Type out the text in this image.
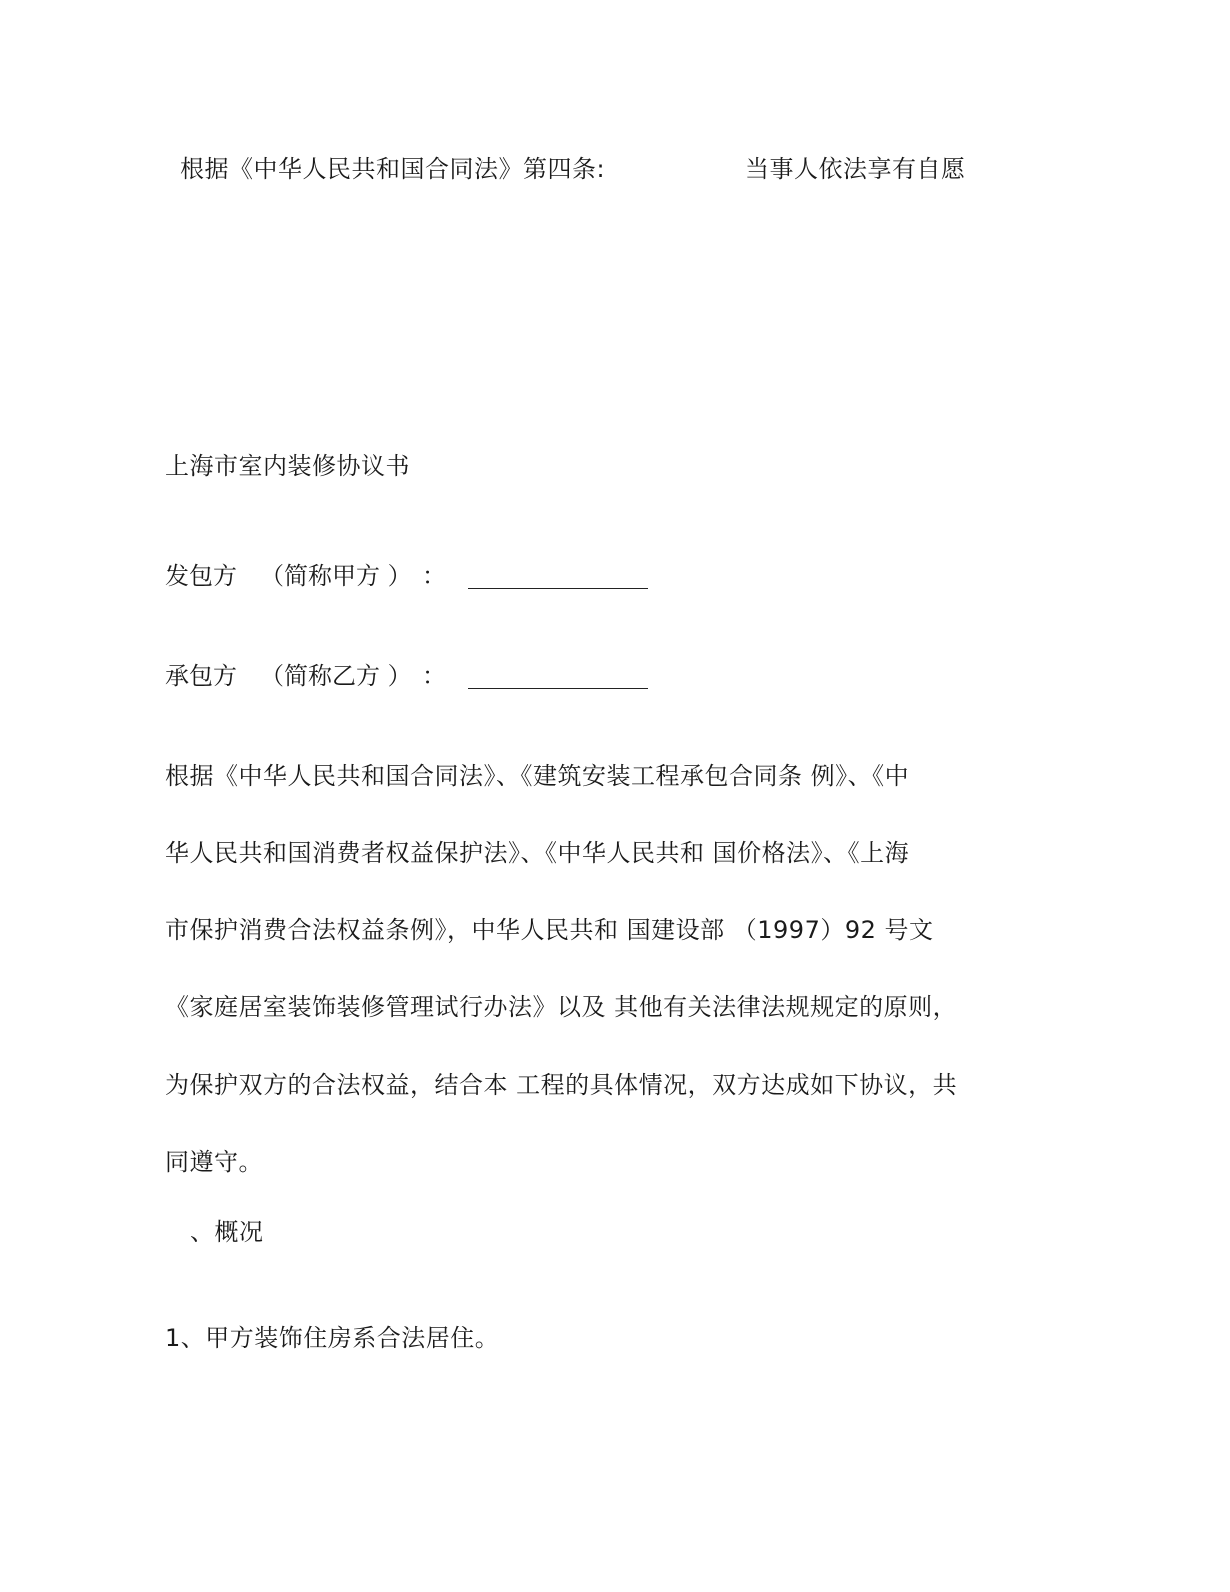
根据《中华人民共和国合同法》第四条:	当事人依法享有自愿
上海市室内装修协议书
发包方 （简称甲方 ） ：
承包方 （简称乙方 ） ：
根据《中华人民共和国合同法》、《建筑安装工程承包合同条 例》、《中
华人民共和国消费者权益保护法》、《中华人民共和 国价格法》、《上海
市保护消费合法权益条例》，中华人民共和 国建设部 （1997）92 号文
《家庭居室装饰装修管理试行办法》以及 其他有关法律法规规定的原则，
为保护双方的合法权益，结合本 工程的具体情况，双方达成如下协议，共
同遵守。
、概况
1、甲方装饰住房系合法居住。
